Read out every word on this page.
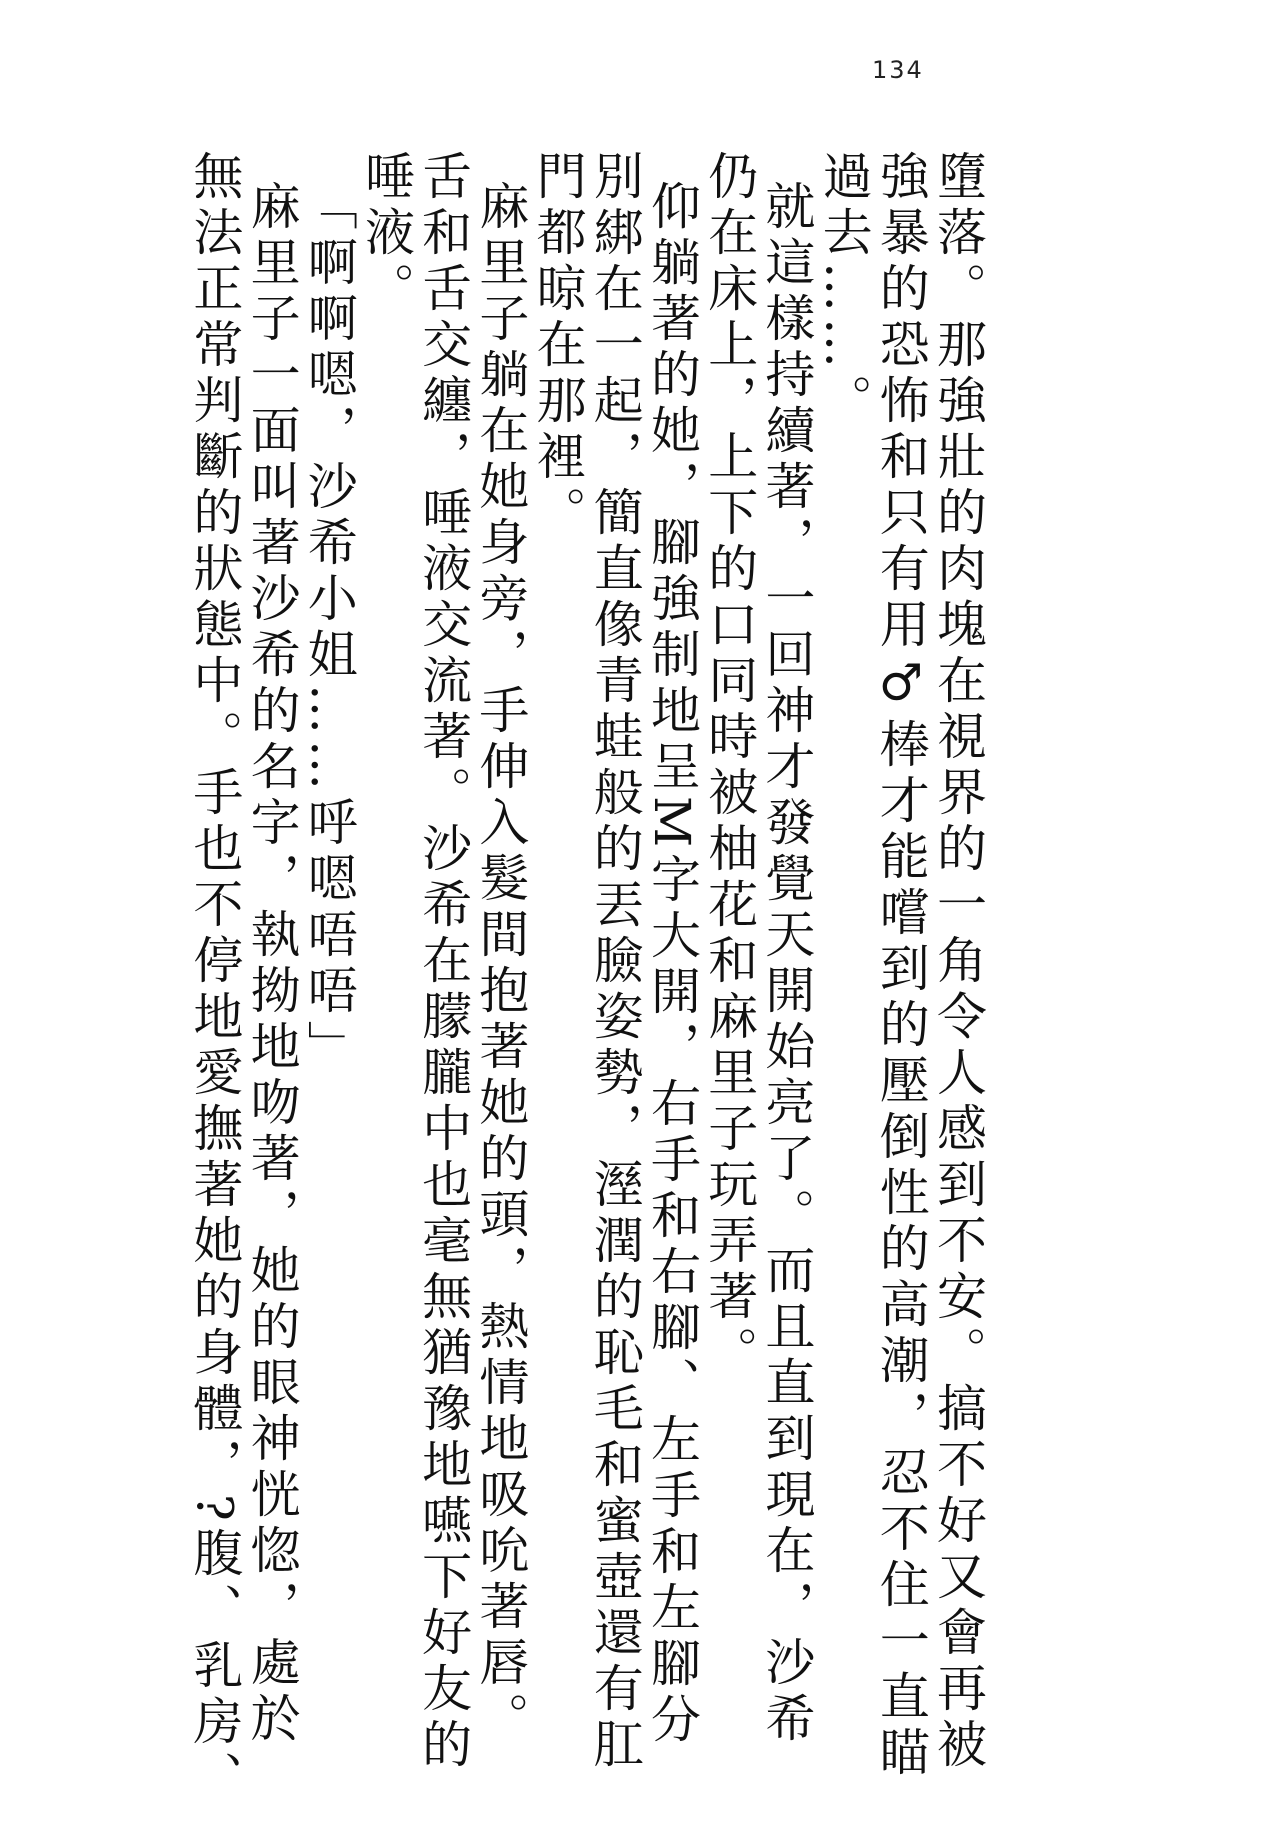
134
墮落。那強壯的肉塊在視界的一角令人感到不安。搞不好又會再被
強暴的恐怖和只有用♂棒才能嚐到的壓倒性的高潮，忍不住一直瞄
過去……。
就這樣持續著，一回神才發覺天開始亮了。而且直到現在，沙希
仍在床上，上下的口同時被柚花和麻里子玩弄著。
仰躺著的她，腳強制地呈M字大開，右手和右腳、左手和左腳分
別綁在一起，簡直像青蛙般的丟臉姿勢，溼潤的恥毛和蜜壺還有肛
門都晾在那裡。
麻里子躺在她身旁，手伸入髮間抱著她的頭，熱情地吸吮著唇。
舌和舌交纏，唾液交流著。沙希在朦朧中也毫無猶豫地嚥下好友的
唾液。
「啊啊嗯，沙希小姐……呼嗯唔唔」
麻里子一面叫著沙希的名字，執拗地吻著，她的眼神恍惚，處於
無法正常判斷的狀態中。手也不停地愛撫著她的身體，?腹、乳房、
